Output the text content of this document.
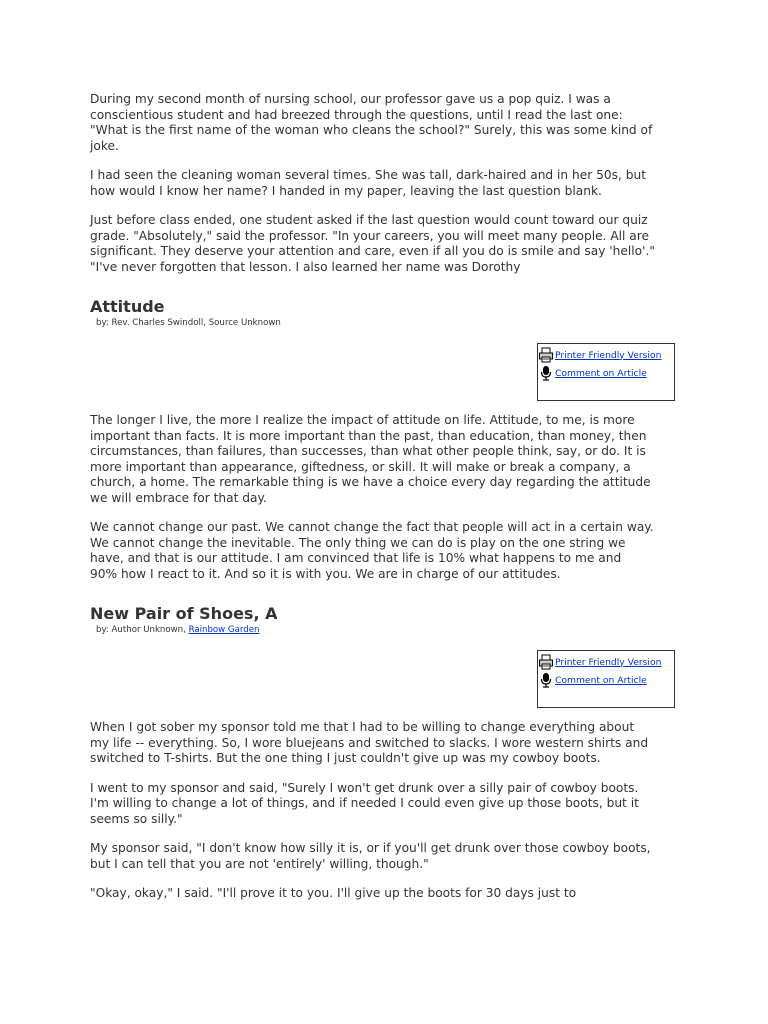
During my second month of nursing school, our professor gave us a pop quiz. I was a
conscientious student and had breezed through the questions, until I read the last one:
"What is the first name of the woman who cleans the school?" Surely, this was some kind of
joke.

I had seen the cleaning woman several times. She was tall, dark-haired and in her 50s, but
how would I know her name? I handed in my paper, leaving the last question blank.

Just before class ended, one student asked if the last question would count toward our quiz
grade. "Absolutely," said the professor. "In your careers, you will meet many people. All are
significant. They deserve your attention and care, even if all you do is smile and say 'hello'."
"I've never forgotten that lesson. I also learned her name was Dorothy

Attitude
by: Rev. Charles Swindoll, Source Unknown
Printer Friendly Version
Comment on Article

The longer I live, the more I realize the impact of attitude on life. Attitude, to me, is more
important than facts. It is more important than the past, than education, than money, then
circumstances, than failures, than successes, than what other people think, say, or do. It is
more important than appearance, giftedness, or skill. It will make or break a company, a
church, a home. The remarkable thing is we have a choice every day regarding the attitude
we will embrace for that day.

We cannot change our past. We cannot change the fact that people will act in a certain way.
We cannot change the inevitable. The only thing we can do is play on the one string we
have, and that is our attitude. I am convinced that life is 10% what happens to me and
90% how I react to it. And so it is with you. We are in charge of our attitudes.

New Pair of Shoes, A
by: Author Unknown, Rainbow Garden
Printer Friendly Version
Comment on Article

When I got sober my sponsor told me that I had to be willing to change everything about
my life -- everything. So, I wore bluejeans and switched to slacks. I wore western shirts and
switched to T-shirts. But the one thing I just couldn't give up was my cowboy boots.

I went to my sponsor and said, "Surely I won't get drunk over a silly pair of cowboy boots.
I'm willing to change a lot of things, and if needed I could even give up those boots, but it
seems so silly."

My sponsor said, "I don't know how silly it is, or if you'll get drunk over those cowboy boots,
but I can tell that you are not 'entirely' willing, though."

"Okay, okay," I said. "I'll prove it to you. I'll give up the boots for 30 days just to
